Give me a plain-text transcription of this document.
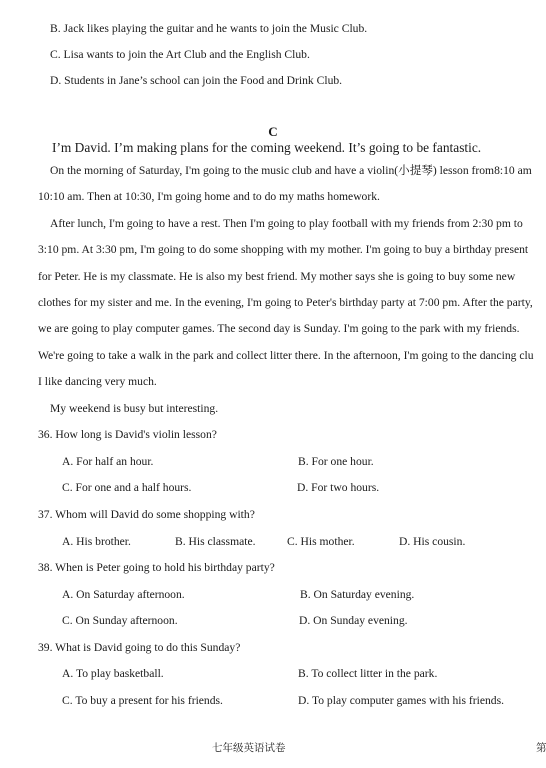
B. Jack likes playing the guitar and he wants to join the Music Club.
C. Lisa wants to join the Art Club and the English Club.
D. Students in Jane’s school can join the Food and Drink Club.
C
I’m David. I’m making plans for the coming weekend. It’s going to be fantastic.
On the morning of Saturday, I'm going to the music club and have a violin(小提琴) lesson from8:10 am
10:10 am. Then at 10:30, I'm going home and to do my maths homework.
After lunch, I'm going to have a rest. Then I'm going to play football with my friends from 2:30 pm to
3:10 pm. At 3:30 pm, I'm going to do some shopping with my mother. I'm going to buy a birthday present
for Peter. He is my classmate. He is also my best friend. My mother says she is going to buy some new
clothes for my sister and me. In the evening, I'm going to Peter's birthday party at 7:00 pm. After the party,
we are going to play computer games. The second day is Sunday. I'm going to the park with my friends.
We're going to take a walk in the park and collect litter there. In the afternoon, I'm going to the dancing clu
I like dancing very much.
My weekend is busy but interesting.
36. How long is David's violin lesson?
A. For half an hour.	B. For one hour.
C. For one and a half hours.	D. For two hours.
37. Whom will David do some shopping with?
A. His brother.	B. His classmate.	C. His mother.	D. His cousin.
38. When is Peter going to hold his birthday party?
A. On Saturday afternoon.	B. On Saturday evening.
C. On Sunday afternoon.	D. On Sunday evening.
39. What is David going to do this Sunday?
A. To play basketball.	B. To collect litter in the park.
C. To buy a present for his friends.	D. To play computer games with his friends.
七年级英语试卷	第
